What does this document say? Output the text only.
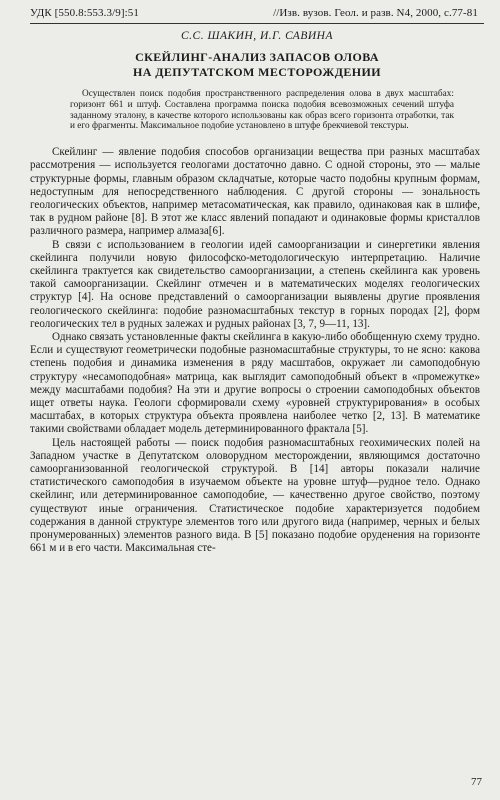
УДК [550.8:553.3/9]:51	//Изв. вузов. Геол. и разв. N4, 2000, с.77-81
С.С. ШАКИН, И.Г. САВИНА
СКЕЙЛИНГ-АНАЛИЗ ЗАПАСОВ ОЛОВА
НА ДЕПУТАТСКОМ МЕСТОРОЖДЕНИИ

Осуществлен поиск подобия пространственного распределения олова в двух масштабах: горизонт 661 и штуф. Составлена программа поиска подобия всевозможных сечений штуфа заданному эталону, в качестве которого использованы как образ всего горизонта отработки, так и его фрагменты. Максимальное подобие установлено в штуфе брекчиевой текстуры.

Скейлинг — явление подобия способов организации вещества при разных масштабах рассмотрения — используется геологами достаточно давно. С одной стороны, это — малые структурные формы, главным образом складчатые, которые часто подобны крупным формам, недоступным для непосредственного наблюдения. С другой стороны — зональность геологических объектов, например метасоматическая, как правило, одинаковая как в шлифе, так в рудном районе [8]. В этот же класс явлений попадают и одинаковые формы кристаллов различного размера, например алмаза[6].

В связи с использованием в геологии идей самоорганизации и синергетики явления скейлинга получили новую философско-методологическую интерпретацию. Наличие скейлинга трактуется как свидетельство самоорганизации, а степень скейлинга как уровень такой самоорганизации. Скейлинг отмечен и в математических моделях геологических структур [4]. На основе представлений о самоорганизации выявлены другие проявления геологического скейлинга: подобие разномасштабных текстур в горных породах [2], форм геологических тел в рудных залежах и рудных районах [3, 7, 9—11, 13].

Однако связать установленные факты скейлинга в какую-либо обобщенную схему трудно. Если и существуют геометрически подобные разномасштабные структуры, то не ясно: какова степень подобия и динамика изменения в ряду масштабов, окружает ли самоподобную структуру «несамоподобная» матрица, как выглядит самоподобный объект в «промежутке» между масштабами подобия? На эти и другие вопросы о строении самоподобных объектов ищет ответы наука. Геологи сформировали схему «уровней структурирования» в особых масштабах, в которых структура объекта проявлена наиболее четко [2, 13]. В математике такими свойствами обладает модель детерминированного фрактала [5].

Цель настоящей работы — поиск подобия разномасштабных геохимических полей на Западном участке в Депутатском оловорудном месторождении, являющимся достаточно самоорганизованной геологической структурой. В [14] авторы показали наличие статистического самоподобия в изучаемом объекте на уровне штуф—рудное тело. Однако скейлинг, или детерминированное самоподобие, — качественно другое свойство, поэтому существуют иные ограничения. Статистическое подобие характеризуется подобием содержания в данной структуре элементов того или другого вида (например, черных и белых пронумерованных) элементов разного вида. В [5] показано подобие оруденения на горизонте 661 м и в его части. Максимальная сте-

77
